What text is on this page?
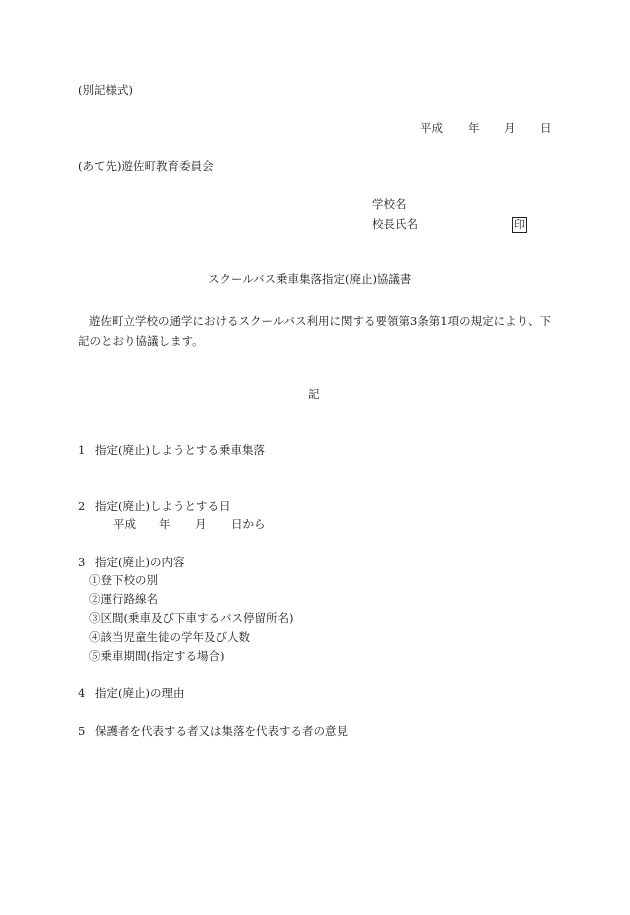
(別記様式)

平成 年 月 日

(あて先)遊佐町教育委員会

学校名

校長氏名	印

スクールバス乗車集落指定(廃止)協議書

遊佐町立学校の通学におけるスクールバス利用に関する要領第3条第1項の規定により、下記のとおり協議します。

記

1 指定(廃止)しようとする乗車集落

2 指定(廃止)しようとする日

平成 年 月 日から

3 指定(廃止)の内容

①登下校の別

②運行路線名

③区間(乗車及び下車するバス停留所名)

④該当児童生徒の学年及び人数

⑤乗車期間(指定する場合)

4 指定(廃止)の理由

5 保護者を代表する者又は集落を代表する者の意見
